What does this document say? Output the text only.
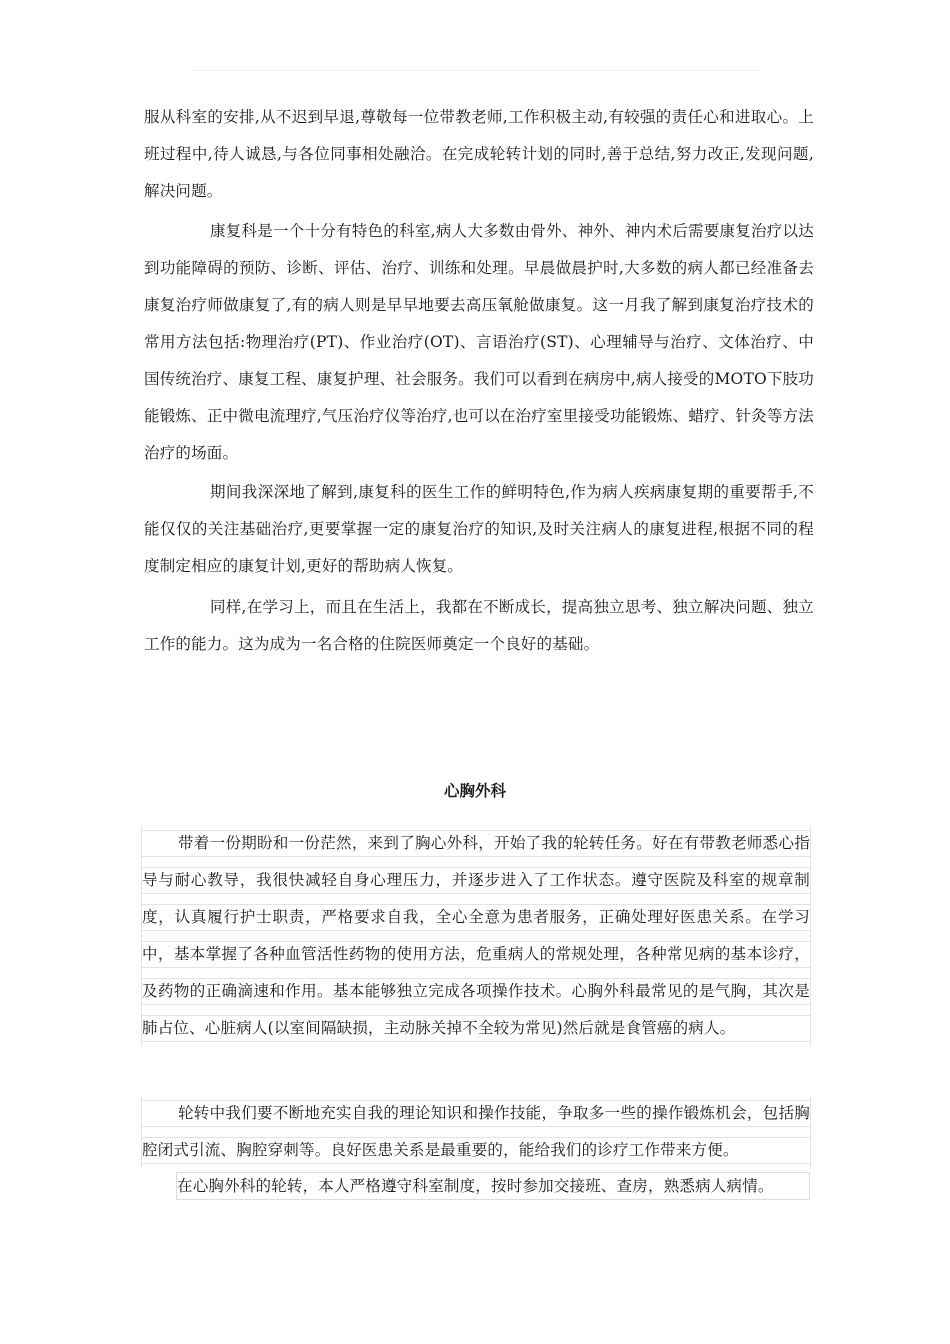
服从科室的安排,从不迟到早退,尊敬每一位带教老师,工作积极主动,有较强的责任心和进取心。上班过程中,待人诚恳,与各位同事相处融洽。在完成轮转计划的同时,善于总结,努力改正,发现问题,解决问题。

康复科是一个十分有特色的科室,病人大多数由骨外、神外、神内术后需要康复治疗以达到功能障碍的预防、诊断、评估、治疗、训练和处理。早晨做晨护时,大多数的病人都已经准备去康复治疗师做康复了,有的病人则是早早地要去高压氧舱做康复。这一月我了解到康复治疗技术的常用方法包括:物理治疗(PT)、作业治疗(OT)、言语治疗(ST)、心理辅导与治疗、文体治疗、中国传统治疗、康复工程、康复护理、社会服务。我们可以看到在病房中,病人接受的MOTO下肢功能锻炼、正中微电流理疗,气压治疗仪等治疗,也可以在治疗室里接受功能锻炼、蜡疗、针灸等方法治疗的场面。

期间我深深地了解到,康复科的医生工作的鲜明特色,作为病人疾病康复期的重要帮手,不能仅仅的关注基础治疗,更要掌握一定的康复治疗的知识,及时关注病人的康复进程,根据不同的程度制定相应的康复计划,更好的帮助病人恢复。

同样,在学习上，而且在生活上，我都在不断成长，提高独立思考、独立解决问题、独立工作的能力。这为成为一名合格的住院医师奠定一个良好的基础。

心胸外科

带着一份期盼和一份茫然，来到了胸心外科，开始了我的轮转任务。好在有带教老师悉心指导与耐心教导，我很快减轻自身心理压力，并逐步进入了工作状态。遵守医院及科室的规章制度，认真履行护士职责，严格要求自我，全心全意为患者服务，正确处理好医患关系。在学习中，基本掌握了各种血管活性药物的使用方法，危重病人的常规处理，各种常见病的基本诊疗，及药物的正确滴速和作用。基本能够独立完成各项操作技术。心胸外科最常见的是气胸，其次是肺占位、心脏病人(以室间隔缺损，主动脉关掉不全较为常见)然后就是食管癌的病人。

轮转中我们要不断地充实自我的理论知识和操作技能，争取多一些的操作锻炼机会，包括胸腔闭式引流、胸腔穿刺等。良好医患关系是最重要的，能给我们的诊疗工作带来方便。

在心胸外科的轮转，本人严格遵守科室制度，按时参加交接班、查房，熟悉病人病情。

·
